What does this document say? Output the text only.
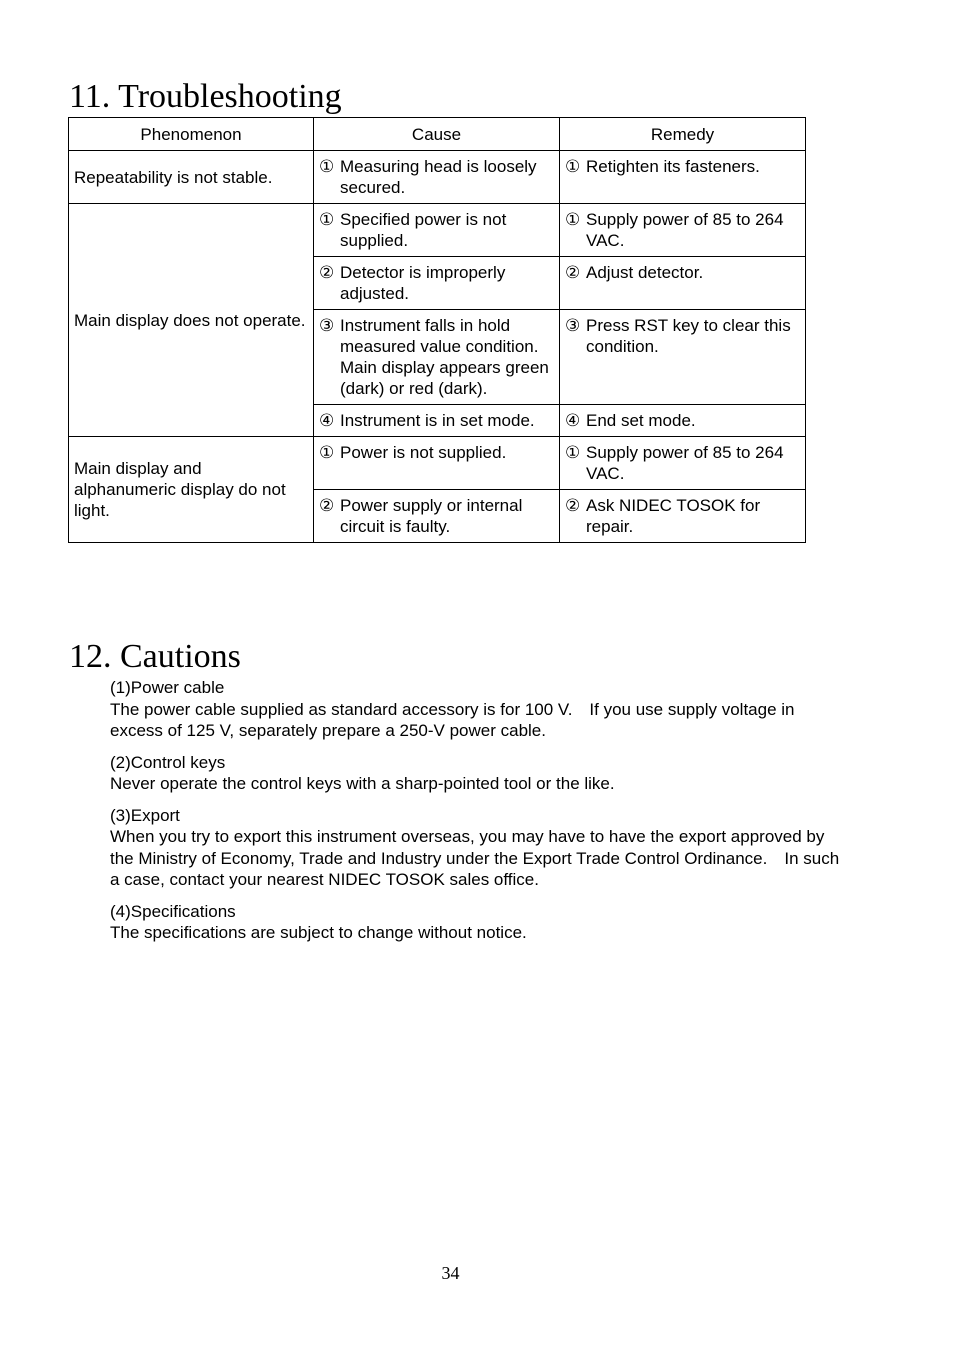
11. Troubleshooting
Phenomenon	Cause	Remedy
Repeatability is not stable.	① Measuring head is loosely secured.	① Retighten its fasteners.

Main display does not operate.	① Specified power is not supplied.	① Supply power of 85 to 264 VAC.

	② Detector is improperly adjusted.	② Adjust detector.

	③ Instrument falls in hold measured value condition.　Main display appears green (dark) or red (dark).	③ Press RST key to clear this condition.

	④ Instrument is in set mode.	④ End set mode.

Main display and alphanumeric display do not light.	① Power is not supplied.	① Supply power of 85 to 264 VAC.

	② Power supply or internal circuit is faulty.	② Ask NIDEC TOSOK for repair.
12. Cautions
(1)Power cable
The power cable supplied as standard accessory is for 100 V.　If you use supply voltage in excess of 125 V, separately prepare a 250-V power cable.
(2)Control keys
Never operate the control keys with a sharp-pointed tool or the like.
(3)Export
When you try to export this instrument overseas, you may have to have the export approved by the Ministry of Economy, Trade and Industry under the Export Trade Control Ordinance.　In such a case, contact your nearest NIDEC TOSOK sales office.
(4)Specifications
The specifications are subject to change without notice.
34
